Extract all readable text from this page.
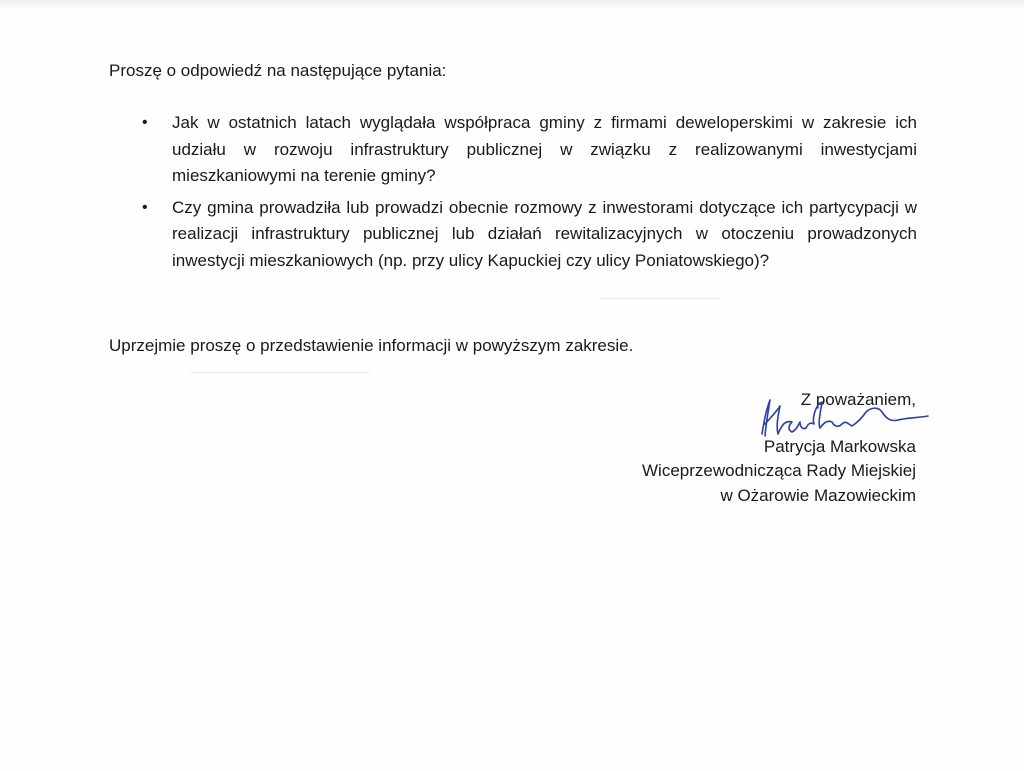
Proszę o odpowiedź na następujące pytania:

•	Jak w ostatnich latach wyglądała współpraca gminy z firmami deweloperskimi w zakresie ich udziału w rozwoju infrastruktury publicznej w związku z realizowanymi inwestycjami mieszkaniowymi na terenie gminy?
•	Czy gmina prowadziła lub prowadzi obecnie rozmowy z inwestorami dotyczące ich partycypacji w realizacji infrastruktury publicznej lub działań rewitalizacyjnych w otoczeniu prowadzonych inwestycji mieszkaniowych (np. przy ulicy Kapuckiej czy ulicy Poniatowskiego)?

Uprzejmie proszę o przedstawienie informacji w powyższym zakresie.

Z poważaniem,
Patrycja Markowska
Wiceprzewodnicząca Rady Miejskiej
w Ożarowie Mazowieckim
